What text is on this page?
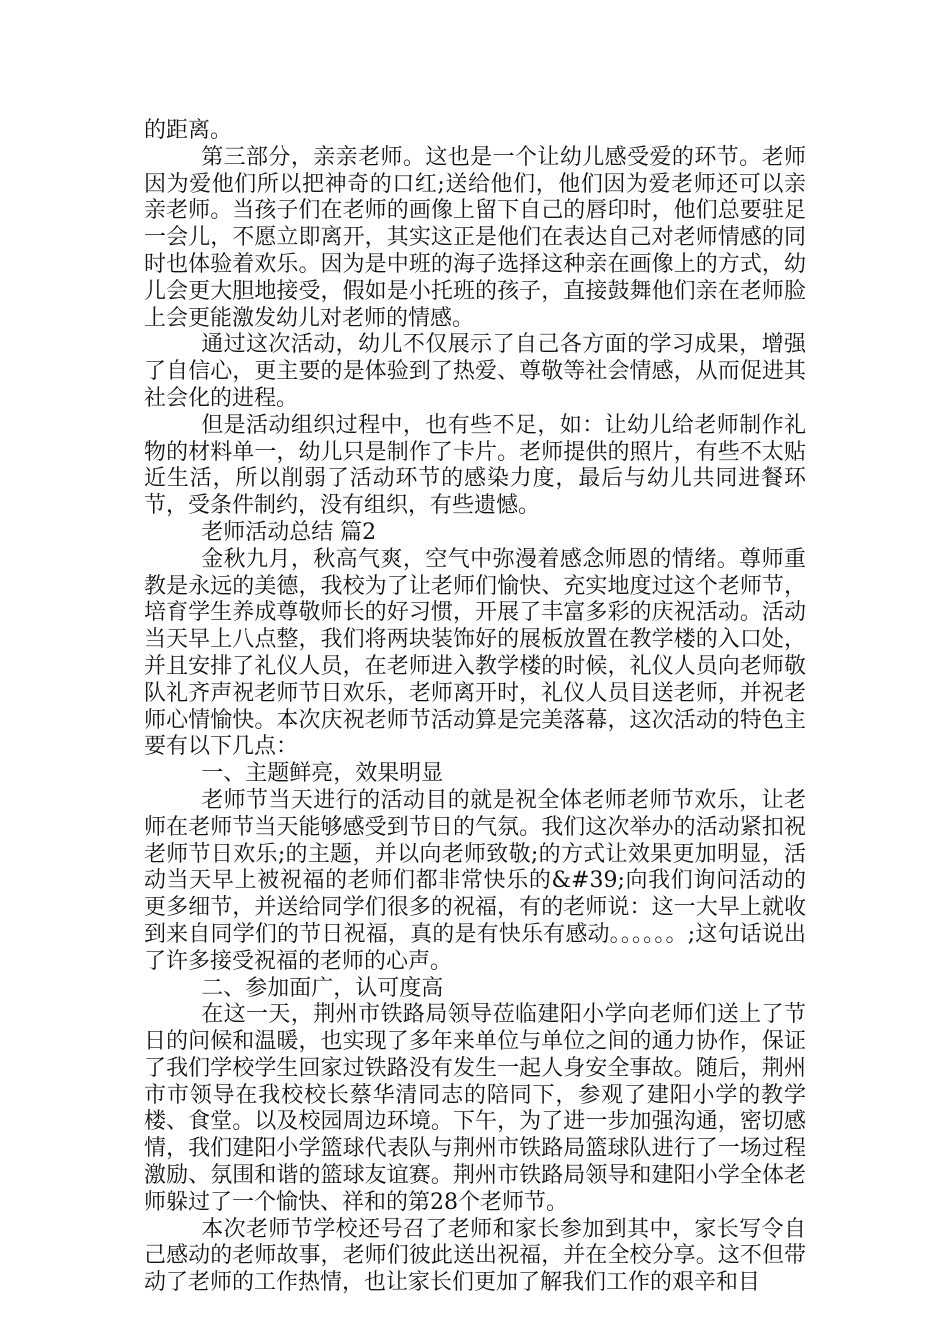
的距离。

第三部分，亲亲老师。这也是一个让幼儿感受爱的环节。老师因为爱他们所以把神奇的口红;送给他们，他们因为爱老师还可以亲亲老师。当孩子们在老师的画像上留下自己的唇印时，他们总要驻足一会儿，不愿立即离开，其实这正是他们在表达自己对老师情感的同时也体验着欢乐。因为是中班的海子选择这种亲在画像上的方式，幼儿会更大胆地接受，假如是小托班的孩子，直接鼓舞他们亲在老师脸上会更能激发幼儿对老师的情感。

通过这次活动，幼儿不仅展示了自己各方面的学习成果，增强了自信心，更主要的是体验到了热爱、尊敬等社会情感，从而促进其社会化的进程。

但是活动组织过程中，也有些不足，如：让幼儿给老师制作礼物的材料单一，幼儿只是制作了卡片。老师提供的照片，有些不太贴近生活，所以削弱了活动环节的感染力度，最后与幼儿共同进餐环节，受条件制约，没有组织，有些遗憾。

老师活动总结 篇2

金秋九月，秋高气爽，空气中弥漫着感念师恩的情绪。尊师重教是永远的美德，我校为了让老师们愉快、充实地度过这个老师节，培育学生养成尊敬师长的好习惯，开展了丰富多彩的庆祝活动。活动当天早上八点整，我们将两块装饰好的展板放置在教学楼的入口处，并且安排了礼仪人员，在老师进入教学楼的时候，礼仪人员向老师敬队礼齐声祝老师节日欢乐，老师离开时，礼仪人员目送老师，并祝老师心情愉快。本次庆祝老师节活动算是完美落幕，这次活动的特色主要有以下几点：

一、主题鲜亮，效果明显

老师节当天进行的活动目的就是祝全体老师老师节欢乐，让老师在老师节当天能够感受到节日的气氛。我们这次举办的活动紧扣祝老师节日欢乐;的主题，并以向老师致敬;的方式让效果更加明显，活动当天早上被祝福的老师们都非常快乐的&#39;向我们询问活动的更多细节，并送给同学们很多的祝福，有的老师说：这一大早上就收到来自同学们的节日祝福，真的是有快乐有感动。。。。。。;这句话说出了许多接受祝福的老师的心声。

二、参加面广，认可度高

在这一天，荆州市铁路局领导莅临建阳小学向老师们送上了节日的问候和温暖，也实现了多年来单位与单位之间的通力协作，保证了我们学校学生回家过铁路没有发生一起人身安全事故。随后，荆州市市领导在我校校长蔡华清同志的陪同下，参观了建阳小学的教学楼、食堂。以及校园周边环境。下午，为了进一步加强沟通，密切感情，我们建阳小学篮球代表队与荆州市铁路局篮球队进行了一场过程激励、氛围和谐的篮球友谊赛。荆州市铁路局领导和建阳小学全体老师躲过了一个愉快、祥和的第28个老师节。

本次老师节学校还号召了老师和家长参加到其中，家长写令自己感动的老师故事，老师们彼此送出祝福，并在全校分享。这不但带动了老师的工作热情，也让家长们更加了解我们工作的艰辛和目
